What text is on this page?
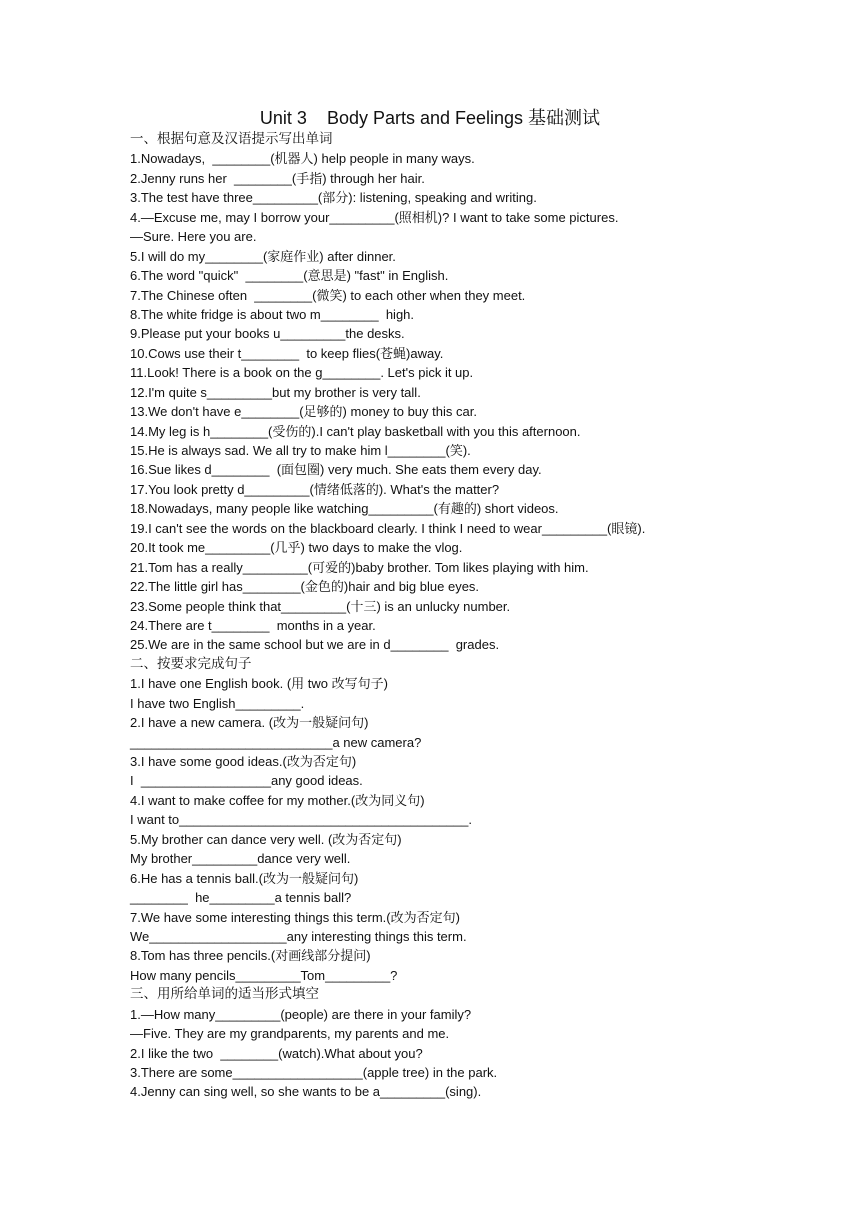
Unit 3    Body Parts and Feelings 基础测试
一、根据句意及汉语提示写出单词
1.Nowadays,  ________(机器人) help people in many ways.
2.Jenny runs her  ________(手指) through her hair.
3.The test have three_________(部分): listening, speaking and writing.
4.—Excuse me, may I borrow your_________(照相机)? I want to take some pictures.
—Sure. Here you are.
5.I will do my________(家庭作业) after dinner.
6.The word "quick"  ________(意思是) "fast" in English.
7.The Chinese often  ________(微笑) to each other when they meet.
8.The white fridge is about two m________  high.
9.Please put your books u_________the desks.
10.Cows use their t________  to keep flies(苍蝇)away.
11.Look! There is a book on the g________. Let's pick it up.
12.I'm quite s_________but my brother is very tall.
13.We don't have e________(足够的) money to buy this car.
14.My leg is h________(受伤的).I can't play basketball with you this afternoon.
15.He is always sad. We all try to make him l________(笑).
16.Sue likes d________  (面包圈) very much. She eats them every day.
17.You look pretty d_________(情绪低落的). What's the matter?
18.Nowadays, many people like watching_________(有趣的) short videos.
19.I can't see the words on the blackboard clearly. I think I need to wear_________(眼镜).
20.It took me_________(几乎) two days to make the vlog.
21.Tom has a really_________(可爱的)baby brother. Tom likes playing with him.
22.The little girl has________(金色的)hair and big blue eyes.
23.Some people think that_________(十三) is an unlucky number.
24.There are t________  months in a year.
25.We are in the same school but we are in d________  grades.
二、按要求完成句子
1.I have one English book. (用 two 改写句子)
I have two English_________.
2.I have a new camera. (改为一般疑问句)
____________________________a new camera?
3.I have some good ideas.(改为否定句)
I  __________________any good ideas.
4.I want to make coffee for my mother.(改为同义句)
I want to________________________________________.
5.My brother can dance very well. (改为否定句)
My brother_________dance very well.
6.He has a tennis ball.(改为一般疑问句)
________  he_________a tennis ball?
7.We have some interesting things this term.(改为否定句)
We___________________any interesting things this term.
8.Tom has three pencils.(对画线部分提问)
How many pencils_________Tom_________?
三、用所给单词的适当形式填空
1.—How many_________(people) are there in your family?
—Five. They are my grandparents, my parents and me.
2.I like the two  ________(watch).What about you?
3.There are some__________________(apple tree) in the park.
4.Jenny can sing well, so she wants to be a_________(sing).
